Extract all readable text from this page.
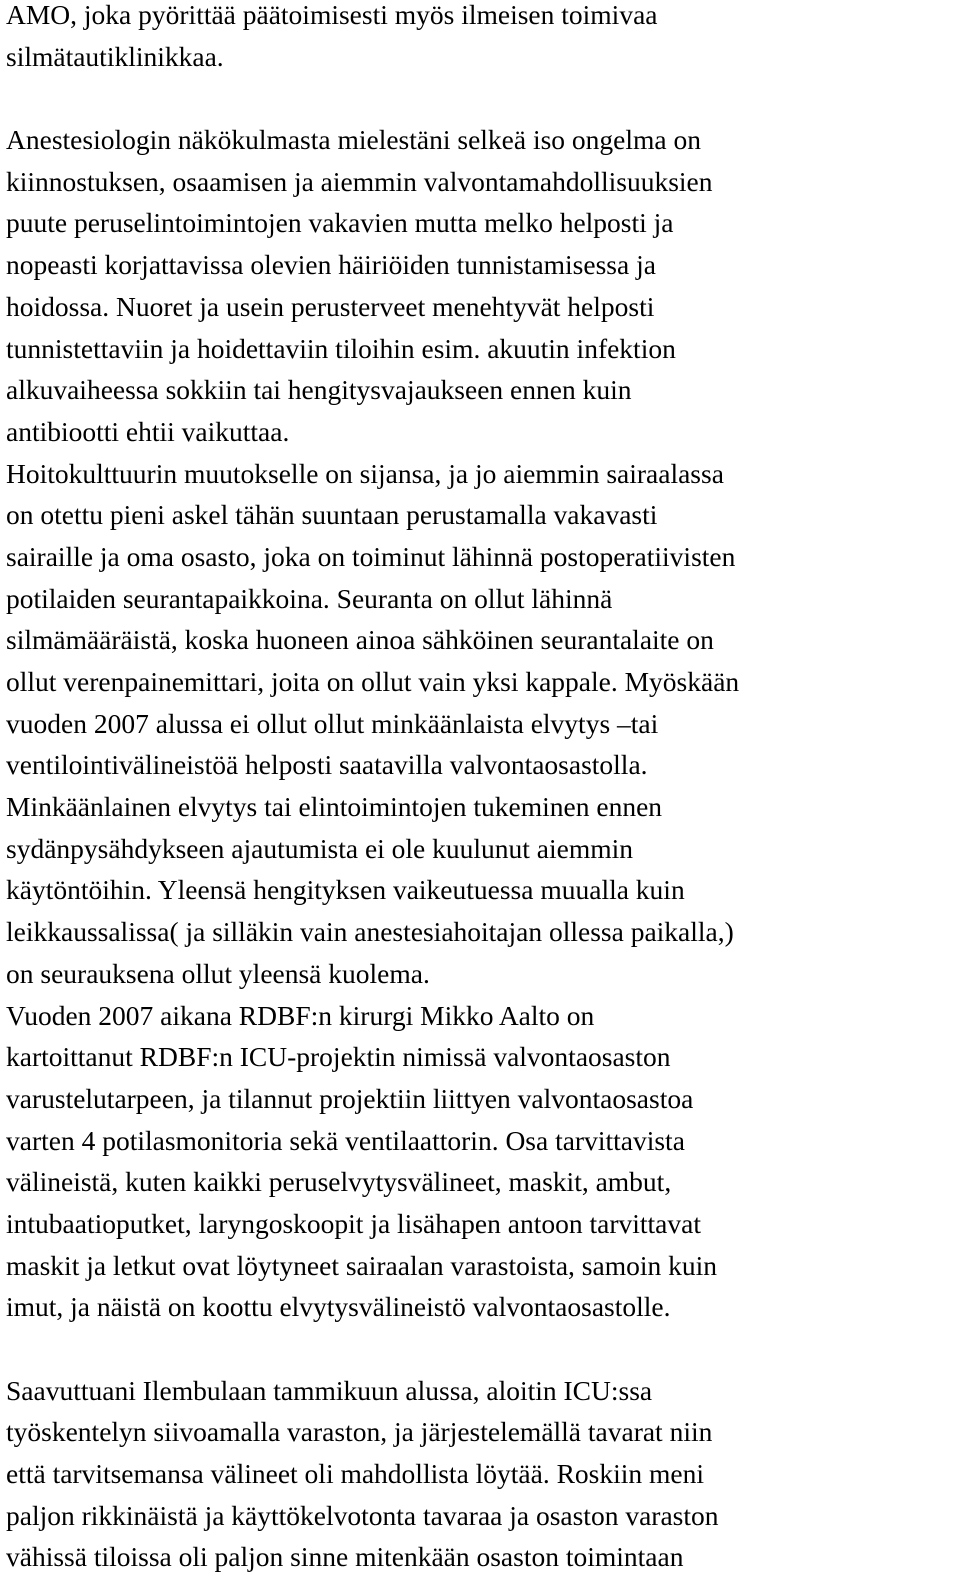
AMO, joka pyörittää päätoimisesti myös ilmeisen toimivaa
silmätautiklinikkaa.
Anestesiologin näkökulmasta mielestäni selkeä iso ongelma on
kiinnostuksen, osaamisen ja aiemmin valvontamahdollisuuksien
puute peruselintoimintojen vakavien mutta melko helposti ja
nopeasti korjattavissa olevien häiriöiden tunnistamisessa ja
hoidossa. Nuoret ja usein perusterveet menehtyvät helposti
tunnistettaviin ja hoidettaviin tiloihin esim. akuutin infektion
alkuvaiheessa sokkiin tai hengitysvajaukseen ennen kuin
antibiootti ehtii vaikuttaa.
Hoitokulttuurin muutokselle on sijansa, ja jo aiemmin sairaalassa
on otettu pieni askel tähän suuntaan perustamalla vakavasti
sairaille ja oma osasto, joka on toiminut lähinnä postoperatiivisten
potilaiden seurantapaikkoina. Seuranta on ollut lähinnä
silmämääräistä, koska huoneen ainoa sähköinen seurantalaite on
ollut verenpainemittari, joita on ollut vain yksi kappale. Myöskään
vuoden 2007 alussa ei ollut ollut minkäänlaista elvytys –tai
ventilointivälineistöä helposti saatavilla valvontaosastolla.
Minkäänlainen elvytys tai elintoimintojen tukeminen ennen
sydänpysähdykseen ajautumista ei ole kuulunut aiemmin
käytöntöihin. Yleensä hengityksen vaikeutuessa muualla kuin
leikkaussalissa( ja silläkin vain anestesiahoitajan ollessa paikalla,)
on seurauksena ollut yleensä kuolema.
Vuoden 2007 aikana RDBF:n kirurgi Mikko Aalto on
kartoittanut RDBF:n ICU-projektin nimissä valvontaosaston
varustelutarpeen, ja tilannut projektiin liittyen valvontaosastoa
varten 4 potilasmonitoria sekä ventilaattorin. Osa tarvittavista
välineistä, kuten kaikki peruselvytysvälineet, maskit, ambut,
intubaatioputket, laryngoskoopit ja lisähapen antoon tarvittavat
maskit ja letkut ovat löytyneet sairaalan varastoista, samoin kuin
imut, ja näistä on koottu elvytysvälineistö valvontaosastolle.
Saavuttuani Ilembulaan tammikuun alussa, aloitin ICU:ssa
työskentelyn siivoamalla varaston, ja järjestelemällä tavarat niin
että tarvitsemansa välineet oli mahdollista löytää. Roskiin meni
paljon rikkinäistä ja käyttökelvotonta tavaraa ja osaston varaston
vähissä tiloissa oli paljon sinne mitenkään osaston toimintaan
